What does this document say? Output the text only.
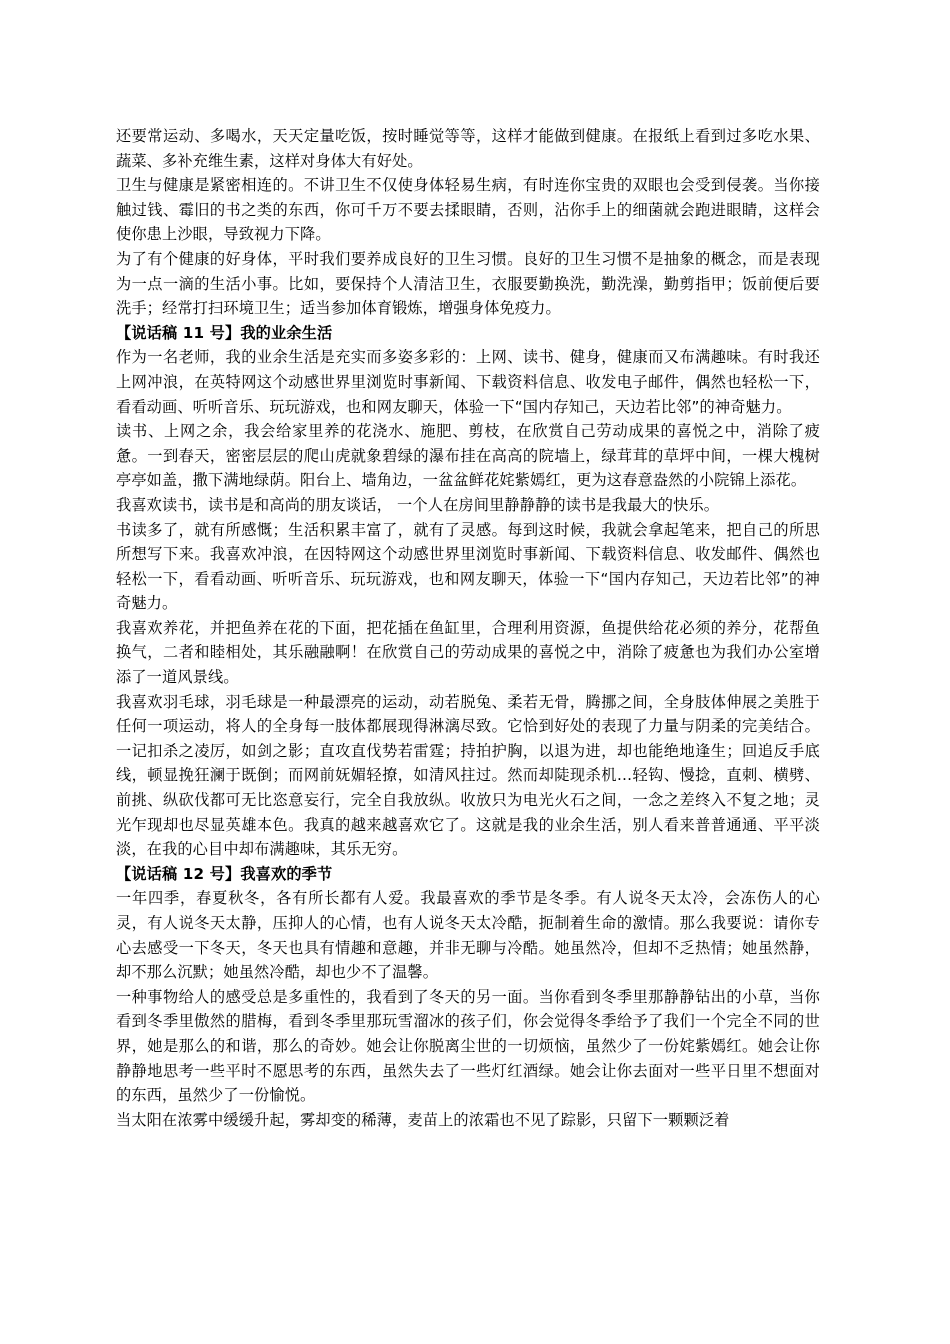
还要常运动、多喝水，天天定量吃饭，按时睡觉等等，这样才能做到健康。在报纸上看到过多吃水果、蔬菜、多补充维生素，这样对身体大有好处。

卫生与健康是紧密相连的。不讲卫生不仅使身体轻易生病，有时连你宝贵的双眼也会受到侵袭。当你接触过钱、霉旧的书之类的东西，你可千万不要去揉眼睛，否则，沾你手上的细菌就会跑进眼睛，这样会使你患上沙眼，导致视力下降。

为了有个健康的好身体，平时我们要养成良好的卫生习惯。良好的卫生习惯不是抽象的概念，而是表现为一点一滴的生活小事。比如，要保持个人清洁卫生，衣服要勤换洗，勤洗澡，勤剪指甲；饭前便后要洗手；经常打扫环境卫生；适当参加体育锻炼，增强身体免疫力。

【说话稿 11 号】我的业余生活

作为一名老师，我的业余生活是充实而多姿多彩的：上网、读书、健身，健康而又布满趣味。有时我还上网冲浪，在英特网这个动感世界里浏览时事新闻、下载资料信息、收发电子邮件，偶然也轻松一下，看看动画、听听音乐、玩玩游戏，也和网友聊天，体验一下“国内存知己，天边若比邻”的神奇魅力。

读书、上网之余，我会给家里养的花浇水、施肥、剪枝，在欣赏自己劳动成果的喜悦之中，消除了疲惫。一到春天，密密层层的爬山虎就象碧绿的瀑布挂在高高的院墙上，绿茸茸的草坪中间，一棵大槐树亭亭如盖，撒下满地绿荫。阳台上、墙角边，一盆盆鲜花姹紫嫣红，更为这春意盎然的小院锦上添花。

我喜欢读书，读书是和高尚的朋友谈话， 一个人在房间里静静静的读书是我最大的快乐。

书读多了，就有所感慨；生活积累丰富了，就有了灵感。每到这时候，我就会拿起笔来，把自己的所思所想写下来。我喜欢冲浪，在因特网这个动感世界里浏览时事新闻、下载资料信息、收发邮件、偶然也轻松一下，看看动画、听听音乐、玩玩游戏，也和网友聊天，体验一下“国内存知己，天边若比邻”的神奇魅力。

我喜欢养花，并把鱼养在花的下面，把花插在鱼缸里，合理利用资源，鱼提供给花必须的养分，花帮鱼换气，二者和睦相处，其乐融融啊！在欣赏自己的劳动成果的喜悦之中，消除了疲惫也为我们办公室增添了一道风景线。

我喜欢羽毛球，羽毛球是一种最漂亮的运动，动若脱兔、柔若无骨，腾挪之间，全身肢体伸展之美胜于任何一项运动，将人的全身每一肢体都展现得淋漓尽致。它恰到好处的表现了力量与阴柔的完美结合。一记扣杀之凌厉，如剑之影；直攻直伐势若雷霆；持拍护胸，以退为进，却也能绝地逢生；回追反手底线，顿显挽狂澜于既倒；而网前妩媚轻撩，如清风拄过。然而却陡现杀机…轻钩、慢捻，直刺、横劈、前挑、纵砍伐都可无比恣意妄行，完全自我放纵。收放只为电光火石之间，一念之差终入不复之地；灵光乍现却也尽显英雄本色。我真的越来越喜欢它了。这就是我的业余生活，别人看来普普通通、平平淡淡，在我的心目中却布满趣味，其乐无穷。

【说话稿 12 号】我喜欢的季节

一年四季，春夏秋冬，各有所长都有人爱。我最喜欢的季节是冬季。有人说冬天太冷，会冻伤人的心灵，有人说冬天太静，压抑人的心情，也有人说冬天太冷酷，扼制着生命的激情。那么我要说：请你专心去感受一下冬天，冬天也具有情趣和意趣，并非无聊与冷酷。她虽然冷，但却不乏热情；她虽然静，却不那么沉默；她虽然冷酷，却也少不了温馨。

一种事物给人的感受总是多重性的，我看到了冬天的另一面。当你看到冬季里那静静钻出的小草，当你看到冬季里傲然的腊梅，看到冬季里那玩雪溜冰的孩子们，你会觉得冬季给予了我们一个完全不同的世界，她是那么的和谐，那么的奇妙。她会让你脱离尘世的一切烦恼，虽然少了一份姹紫嫣红。她会让你静静地思考一些平时不愿思考的东西，虽然失去了一些灯红酒绿。她会让你去面对一些平日里不想面对的东西，虽然少了一份愉悦。

当太阳在浓雾中缓缓升起，雾却变的稀薄，麦苗上的浓霜也不见了踪影，只留下一颗颗泛着
